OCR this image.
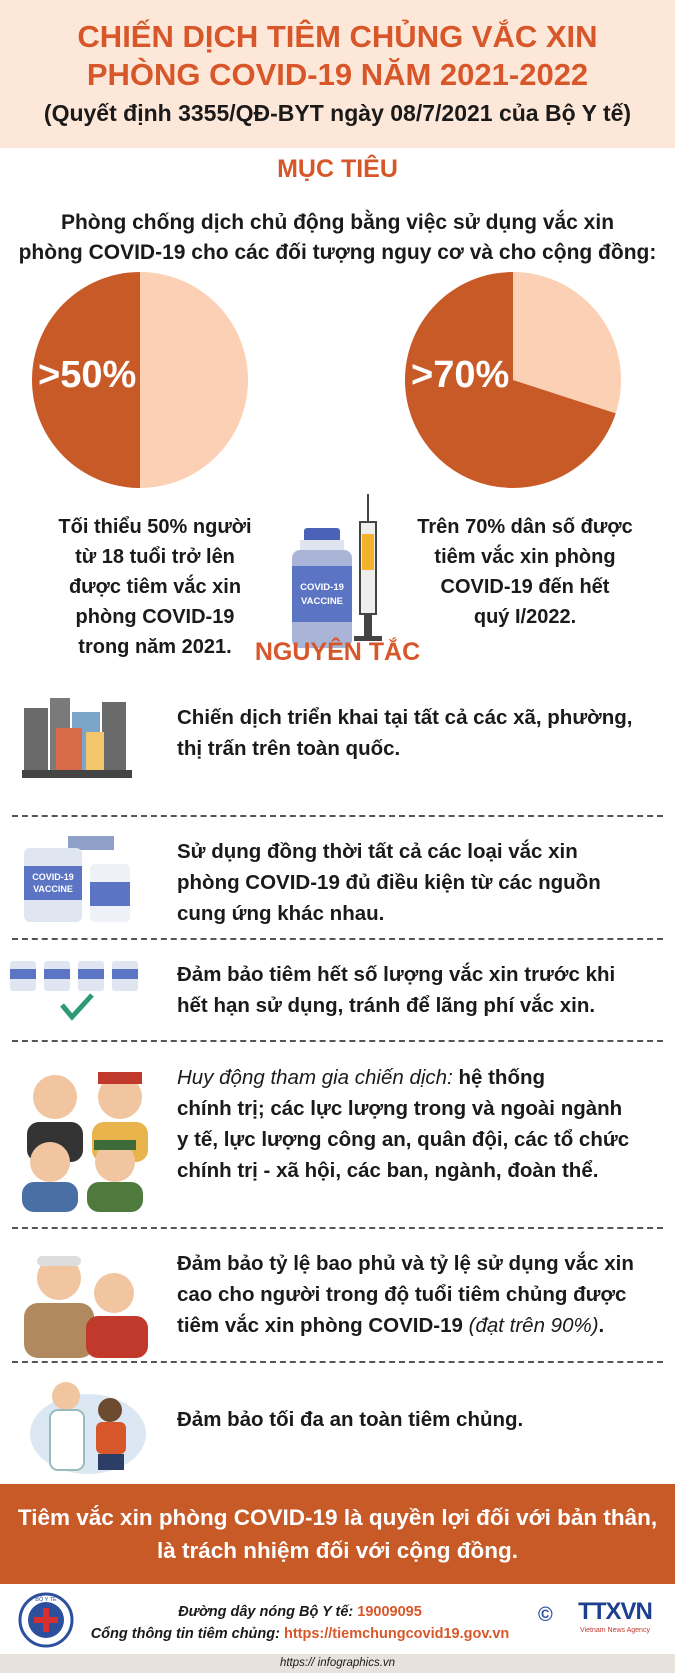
CHIẾN DỊCH TIÊM CHỦNG VẮC XIN
PHÒNG COVID-19 NĂM 2021-2022
(Quyết định 3355/QĐ-BYT ngày 08/7/2021 của Bộ Y tế)
MỤC TIÊU
Phòng chống dịch chủ động bằng việc sử dụng vắc xin
phòng COVID-19 cho các đối tượng nguy cơ và cho cộng đồng:
>50%	>70%
Tối thiểu 50% người
từ 18 tuổi trở lên
được tiêm vắc xin
phòng COVID-19
trong năm 2021.
Trên 70% dân số được
tiêm vắc xin phòng
COVID-19 đến hết
quý I/2022.
COVID-19
VACCINE
NGUYÊN TẮC
Chiến dịch triển khai tại tất cả các xã, phường,
thị trấn trên toàn quốc.
COVID-19
VACCINE
Sử dụng đồng thời tất cả các loại vắc xin
phòng COVID-19 đủ điều kiện từ các nguồn
cung ứng khác nhau.
Đảm bảo tiêm hết số lượng vắc xin trước khi
hết hạn sử dụng, tránh để lãng phí vắc xin.
Huy động tham gia chiến dịch: hệ thống
chính trị; các lực lượng trong và ngoài ngành
y tế, lực lượng công an, quân đội, các tổ chức
chính trị - xã hội, các ban, ngành, đoàn thể.
Đảm bảo tỷ lệ bao phủ và tỷ lệ sử dụng vắc xin
cao cho người trong độ tuổi tiêm chủng được
tiêm vắc xin phòng COVID-19 (đạt trên 90%).
Đảm bảo tối đa an toàn tiêm chủng.
Tiêm vắc xin phòng COVID-19 là quyền lợi đối với bản thân,
là trách nhiệm đối với cộng đồng.
BỘ Y TẾ
Đường dây nóng Bộ Y tế: 19009095
Cổng thông tin tiêm chủng: https://tiemchungcovid19.gov.vn
©	TTXVN
Vietnam News Agency
https:// infographics.vn
